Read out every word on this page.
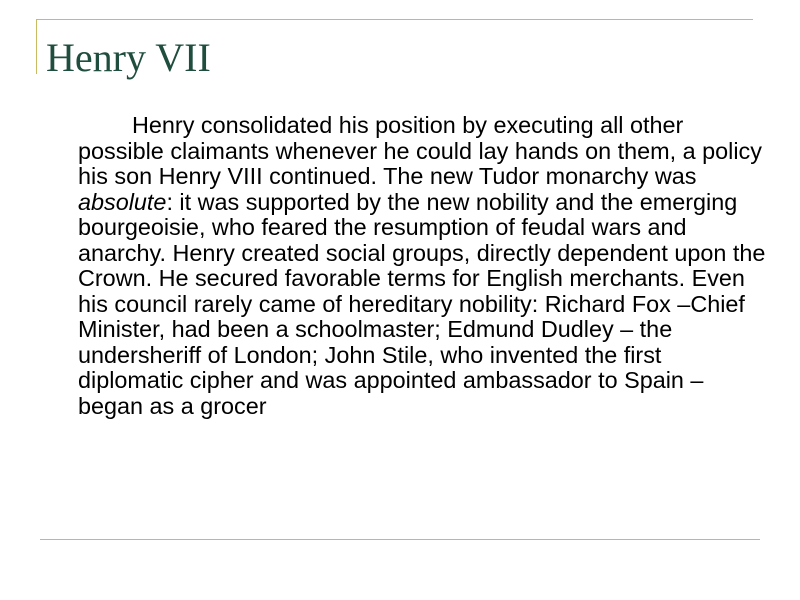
Henry VII

Henry consolidated his position by executing all other possible claimants whenever he could lay hands on them, a policy his son Henry VIII continued. The new Tudor monarchy was absolute: it was supported by the new nobility and the emerging bourgeoisie, who feared the resumption of feudal wars and anarchy. Henry created social groups, directly dependent upon the Crown. He secured favorable terms for English merchants. Even his council rarely came of hereditary nobility: Richard Fox –Chief Minister, had been a schoolmaster; Edmund Dudley – the undersheriff of London; John Stile, who invented the first diplomatic cipher and was appointed ambassador to Spain – began as a grocer
